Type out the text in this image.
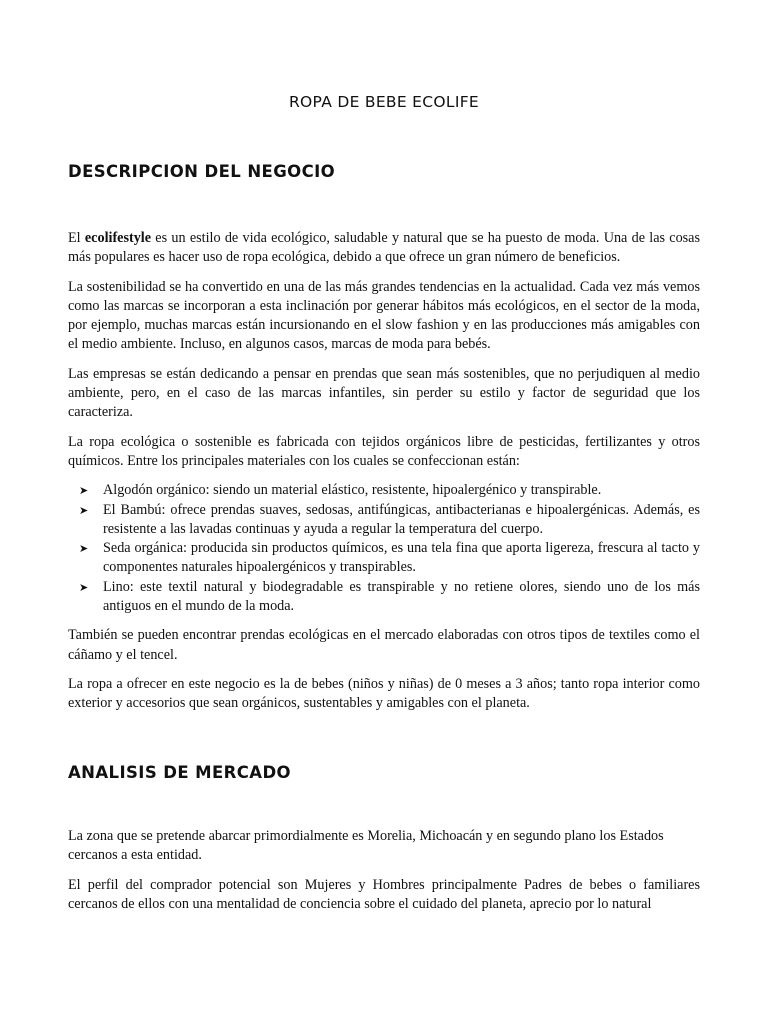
ROPA DE BEBE ECOLIFE
DESCRIPCION DEL NEGOCIO

El ecolifestyle es un estilo de vida ecológico, saludable y natural que se ha puesto de moda. Una de las cosas más populares es hacer uso de ropa ecológica, debido a que ofrece un gran número de beneficios.

La sostenibilidad se ha convertido en una de las más grandes tendencias en la actualidad. Cada vez más vemos como las marcas se incorporan a esta inclinación por generar hábitos más ecológicos, en el sector de la moda, por ejemplo, muchas marcas están incursionando en el slow fashion y en las producciones más amigables con el medio ambiente. Incluso, en algunos casos, marcas de moda para bebés.

Las empresas se están dedicando a pensar en prendas que sean más sostenibles, que no perjudiquen al medio ambiente, pero, en el caso de las marcas infantiles, sin perder su estilo y factor de seguridad que los caracteriza.

La ropa ecológica o sostenible es fabricada con tejidos orgánicos libre de pesticidas, fertilizantes y otros químicos. Entre los principales materiales con los cuales se confeccionan están:

➤ Algodón orgánico: siendo un material elástico, resistente, hipoalergénico y transpirable.
➤ El Bambú: ofrece prendas suaves, sedosas, antifúngicas, antibacterianas e hipoalergénicas. Además, es resistente a las lavadas continuas y ayuda a regular la temperatura del cuerpo.
➤ Seda orgánica: producida sin productos químicos, es una tela fina que aporta ligereza, frescura al tacto y componentes naturales hipoalergénicos y transpirables.
➤ Lino: este textil natural y biodegradable es transpirable y no retiene olores, siendo uno de los más antiguos en el mundo de la moda.

También se pueden encontrar prendas ecológicas en el mercado elaboradas con otros tipos de textiles como el cáñamo y el tencel.

La ropa a ofrecer en este negocio es la de bebes (niños y niñas) de 0 meses a 3 años; tanto ropa interior como exterior y accesorios que sean orgánicos, sustentables y amigables con el planeta.

ANALISIS DE MERCADO

La zona que se pretende abarcar primordialmente es Morelia, Michoacán y en segundo plano los Estados cercanos a esta entidad.

El perfil del comprador potencial son Mujeres y Hombres principalmente Padres de bebes o familiares cercanos de ellos con una mentalidad de conciencia sobre el cuidado del planeta, aprecio por lo natural
